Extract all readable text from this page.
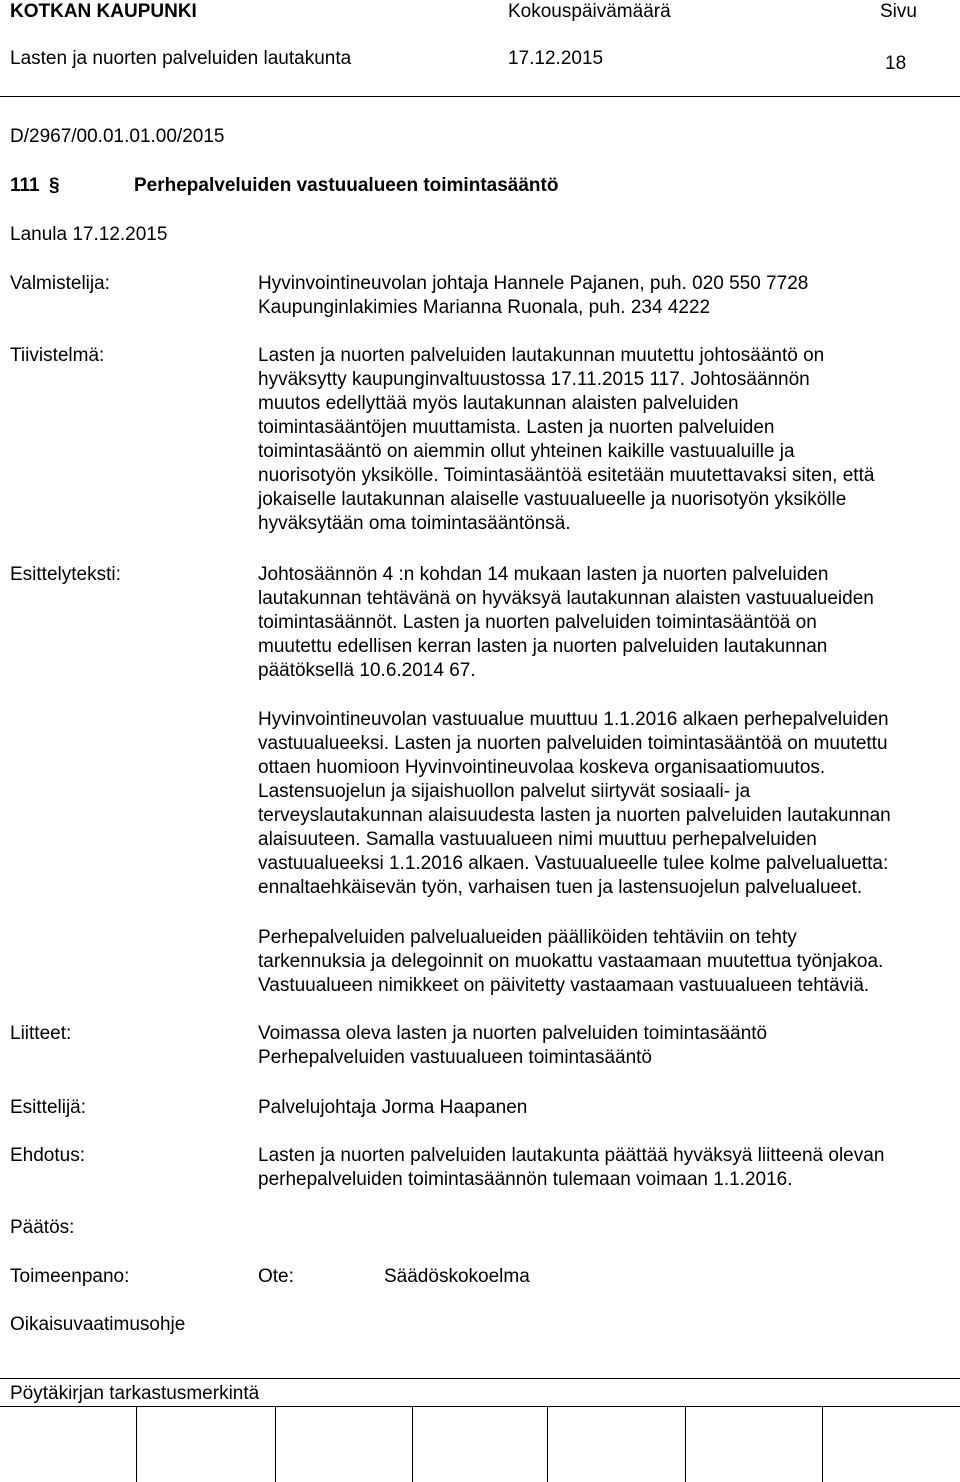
KOTKAN KAUPUNKI	Kokouspäivämäärä	Sivu
Lasten ja nuorten palveluiden lautakunta	17.12.2015	18
D/2967/00.01.01.00/2015
111 §	Perhepalveluiden vastuualueen toimintasääntö
Lanula 17.12.2015
Valmistelija:	Hyvinvointineuvolan johtaja Hannele Pajanen, puh. 020 550 7728
Kaupunginlakimies Marianna Ruonala, puh. 234 4222
Tiivistelmä:	Lasten ja nuorten palveluiden lautakunnan muutettu johtosääntö on
hyväksytty kaupunginvaltuustossa 17.11.2015 117. Johtosäännön
muutos edellyttää myös lautakunnan alaisten palveluiden
toimintasääntöjen muuttamista. Lasten ja nuorten palveluiden
toimintasääntö on aiemmin ollut yhteinen kaikille vastuualuille ja
nuorisotyön yksikölle. Toimintasääntöä esitetään muutettavaksi siten, että
jokaiselle lautakunnan alaiselle vastuualueelle ja nuorisotyön yksikölle
hyväksytään oma toimintasääntönsä.
Esittelyteksti:	Johtosäännön 4 :n kohdan 14 mukaan lasten ja nuorten palveluiden
lautakunnan tehtävänä on hyväksyä lautakunnan alaisten vastuualueiden
toimintasäännöt. Lasten ja nuorten palveluiden toimintasääntöä on
muutettu edellisen kerran lasten ja nuorten palveluiden lautakunnan
päätöksellä 10.6.2014 67.
Hyvinvointineuvolan vastuualue muuttuu 1.1.2016 alkaen perhepalveluiden
vastuualueeksi. Lasten ja nuorten palveluiden toimintasääntöä on muutettu
ottaen huomioon Hyvinvointineuvolaa koskeva organisaatiomuutos.
Lastensuojelun ja sijaishuollon palvelut siirtyvät sosiaali- ja
terveyslautakunnan alaisuudesta lasten ja nuorten palveluiden lautakunnan
alaisuuteen. Samalla vastuualueen nimi muuttuu perhepalveluiden
vastuualueeksi 1.1.2016 alkaen. Vastuualueelle tulee kolme palvelualuetta:
ennaltaehkäisevän työn, varhaisen tuen ja lastensuojelun palvelualueet.
Perhepalveluiden palvelualueiden päälliköiden tehtäviin on tehty
tarkennuksia ja delegoinnit on muokattu vastaamaan muutettua työnjakoa.
Vastuualueen nimikkeet on päivitetty vastaamaan vastuualueen tehtäviä.
Liitteet:	Voimassa oleva lasten ja nuorten palveluiden toimintasääntö
Perhepalveluiden vastuualueen toimintasääntö
Esittelijä:	Palvelujohtaja Jorma Haapanen
Ehdotus:	Lasten ja nuorten palveluiden lautakunta päättää hyväksyä liitteenä olevan
perhepalveluiden toimintasäännön tulemaan voimaan 1.1.2016.
Päätös:
Toimeenpano:	Ote:	Säädöskokoelma
Oikaisuvaatimusohje
Pöytäkirjan tarkastusmerkintä
